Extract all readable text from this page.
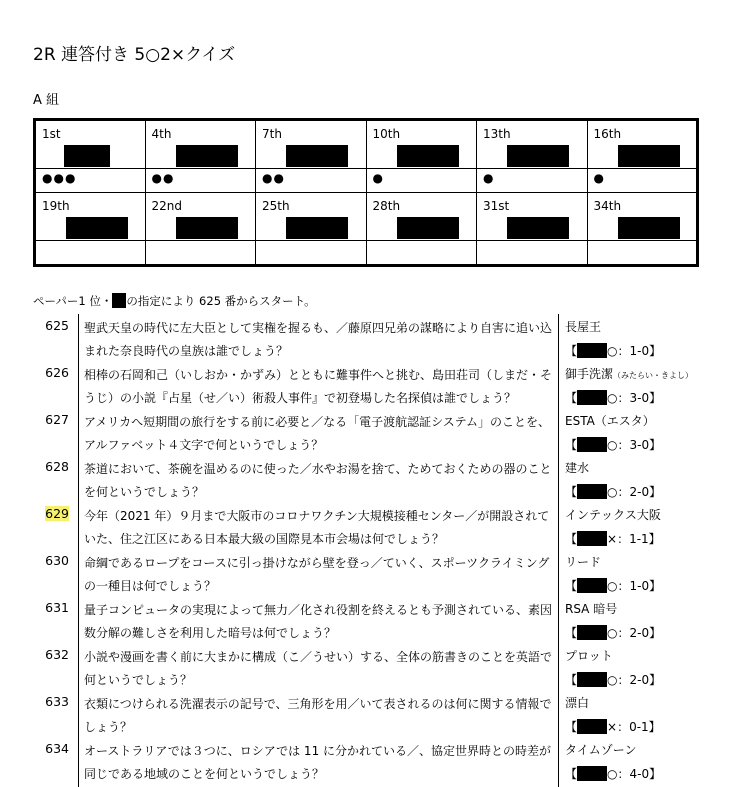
2R 連答付き 5○2×クイズ
A 組
1st	4th	7th	10th	13th	16th

●●●	●●	●●	●	●	●

19th	22nd	25th	28th	31st	34th

ペーパー1 位・ の指定により 625 番からスタート。
625 聖武天皇の時代に左大臣として実権を握るも、／藤原四兄弟の謀略により自害に追い込まれた奈良時代の皇族は誰でしょう？
長屋王
【	○：1-0】
626 相棒の石岡和己（いしおか・かずみ）とともに難事件へと挑む、島田荘司（しまだ・そうじ）の小説『占星（せ／い）術殺人事件』で初登場した名探偵は誰でしょう？
御手洗潔（みたらい・きよし）
【	○：3-0】
627 アメリカへ短期間の旅行をする前に必要と／なる「電子渡航認証システム」のことを、アルファベット４文字で何というでしょう？
ESTA（エスタ）
【	○：3-0】
628 茶道において、茶碗を温めるのに使った／水やお湯を捨て、ためておくための器のことを何というでしょう？
建水
【	○：2-0】
629 今年（2021 年）９月まで大阪市のコロナワクチン大規模接種センター／が開設されていた、住之江区にある日本最大級の国際見本市会場は何でしょう？
インテックス大阪
【	×：1-1】
630 命綱であるロープをコースに引っ掛けながら壁を登っ／ていく、スポーツクライミングの一種目は何でしょう？
リード
【	○：1-0】
631 量子コンピュータの実現によって無力／化され役割を終えるとも予測されている、素因数分解の難しさを利用した暗号は何でしょう？
RSA 暗号
【	○：2-0】
632 小説や漫画を書く前に大まかに構成（こ／うせい）する、全体の筋書きのことを英語で何というでしょう？
プロット
【	○：2-0】
633 衣類につけられる洗濯表示の記号で、三角形を用／いて表されるのは何に関する情報でしょう？
漂白
【	×：0-1】
634 オーストラリアでは３つに、ロシアでは 11 に分かれている／、協定世界時との時差が同じである地域のことを何というでしょう？
タイムゾーン
【	○：4-0】
